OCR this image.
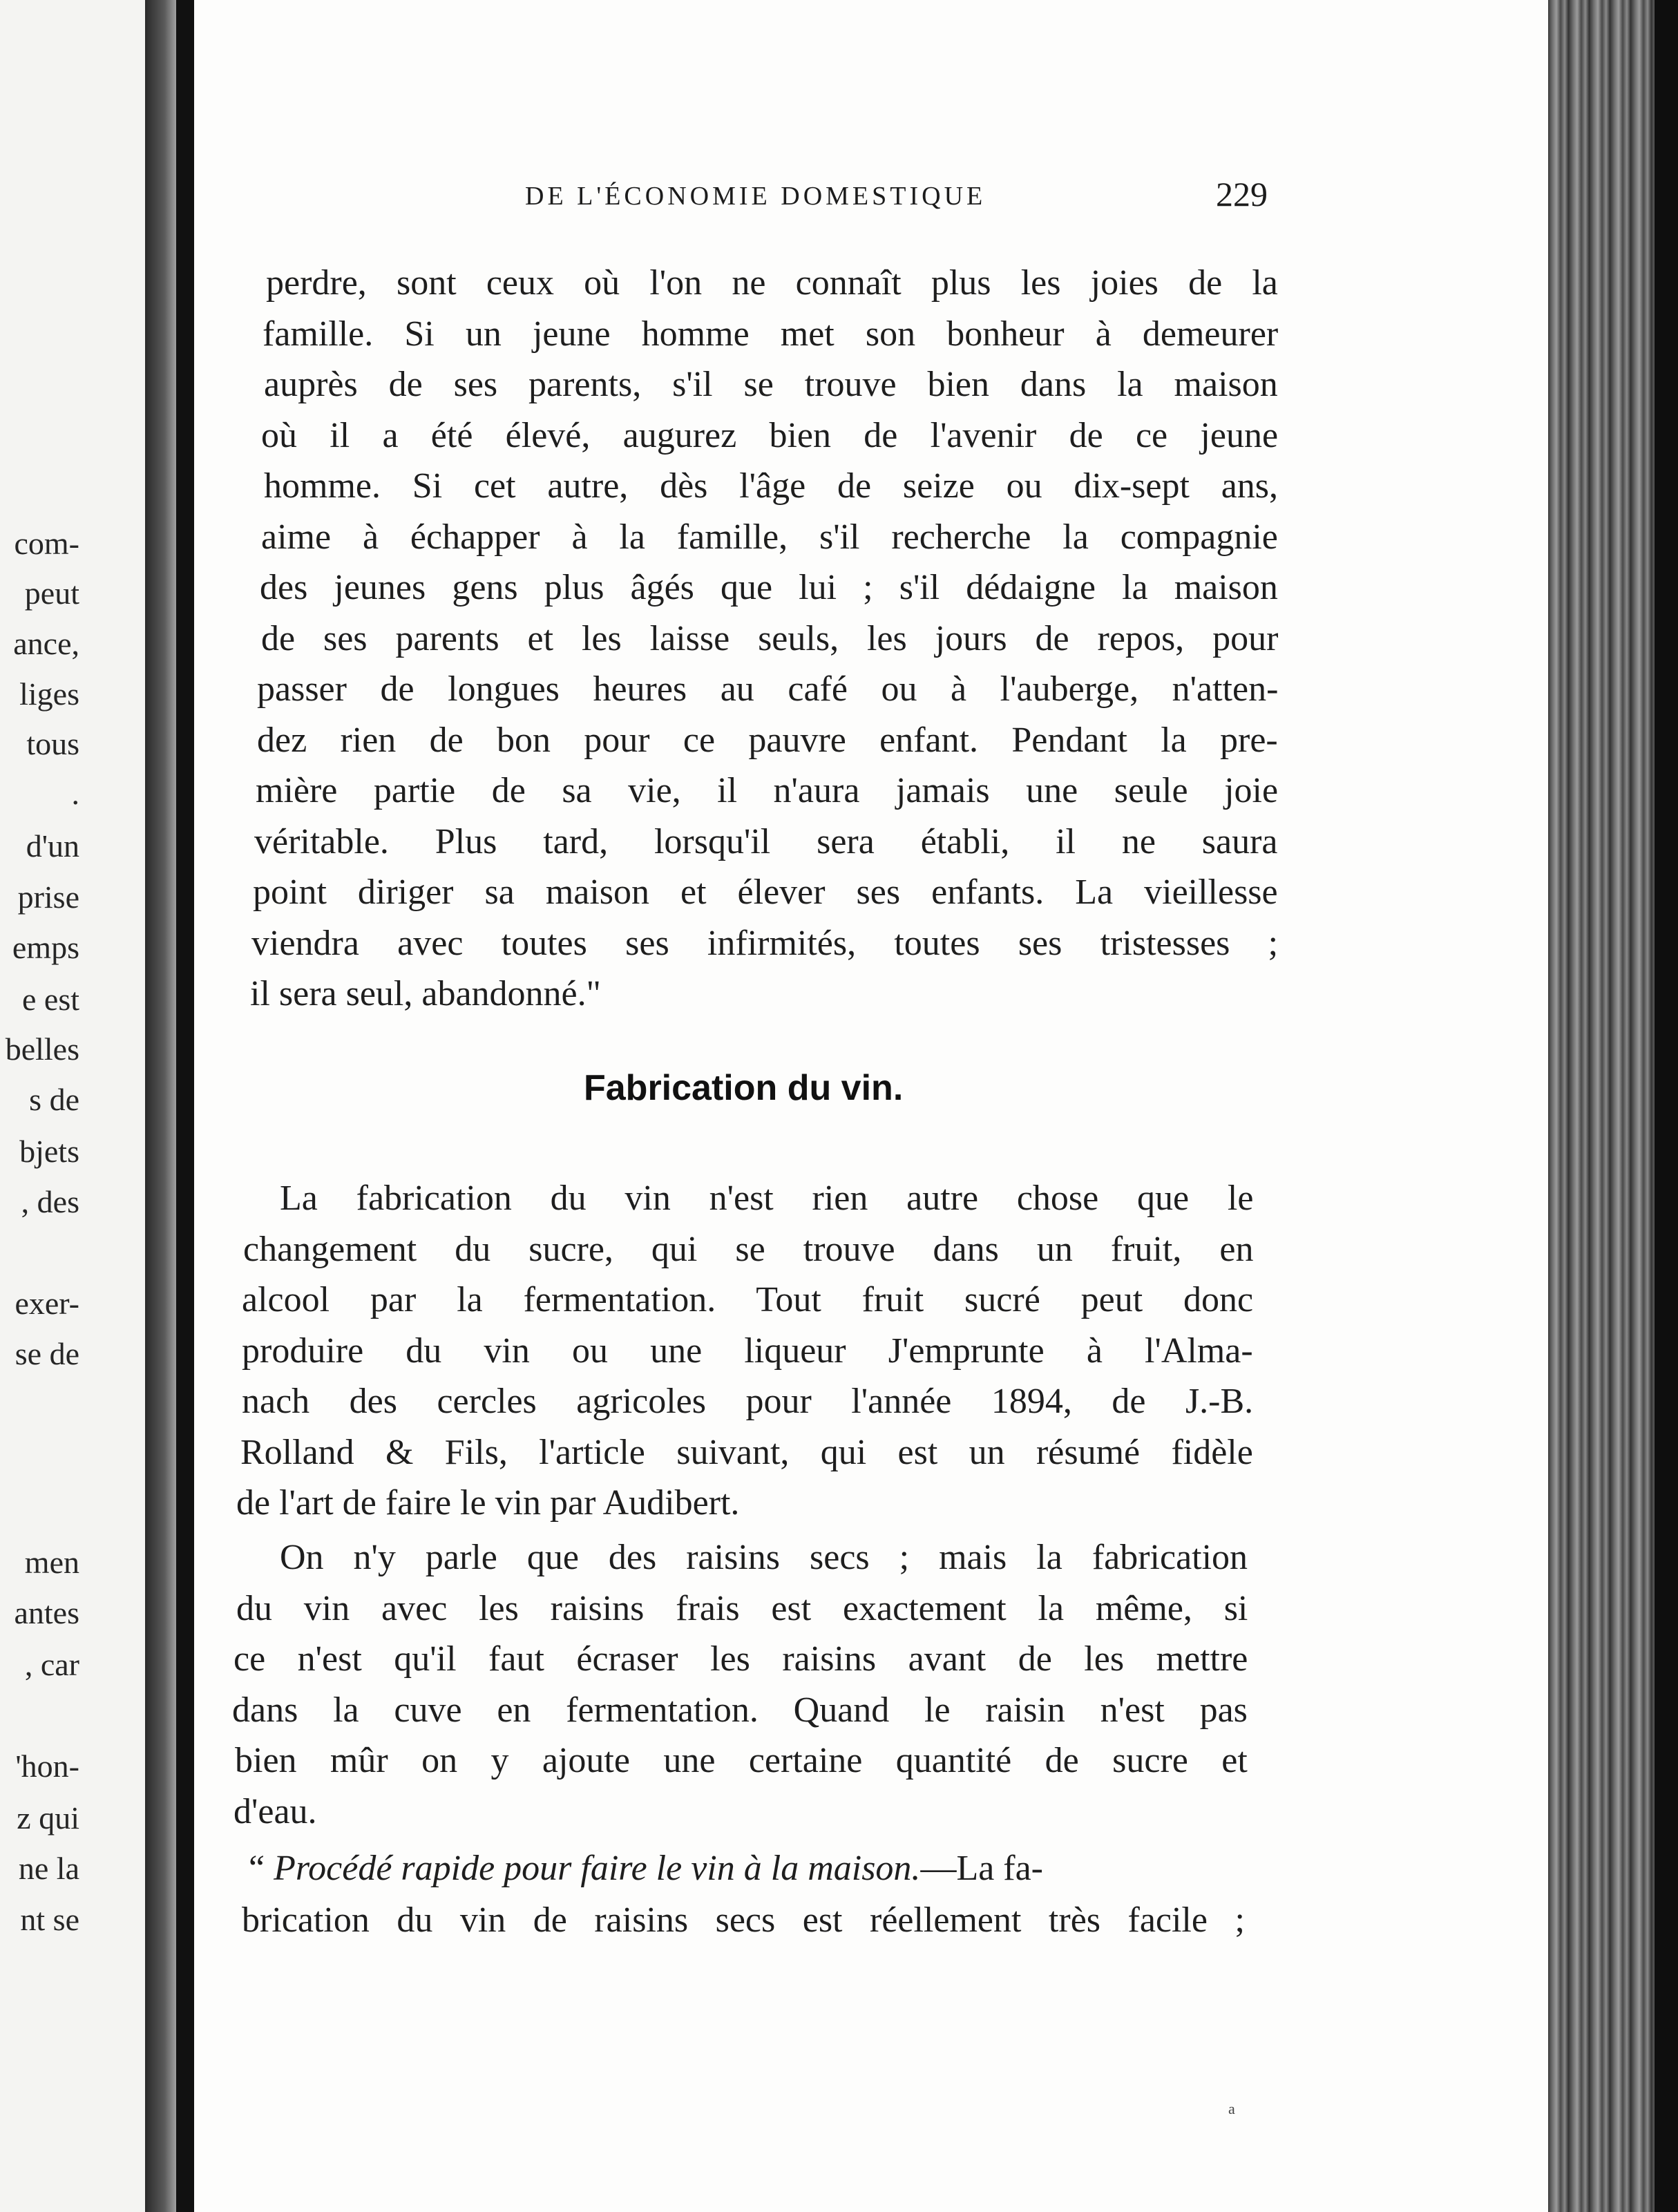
com-
peut
ance,
liges
tous
.
d'un
prise
emps
e est
belles
s de
bjets
, des
exer-
se de
men
antes
, car
'hon-
z qui
ne la
nt se
DE L'ÉCONOMIE DOMESTIQUE	229
perdre, sont ceux où l'on ne connaît plus les joies de la
famille. Si un jeune homme met son bonheur à demeurer
auprès de ses parents, s'il se trouve bien dans la maison
où il a été élevé, augurez bien de l'avenir de ce jeune
homme. Si cet autre, dès l'âge de seize ou dix-sept ans,
aime à échapper à la famille, s'il recherche la compagnie
des jeunes gens plus âgés que lui ; s'il dédaigne la maison
de ses parents et les laisse seuls, les jours de repos, pour
passer de longues heures au café ou à l'auberge, n'atten-
dez rien de bon pour ce pauvre enfant. Pendant la pre-
mière partie de sa vie, il n'aura jamais une seule joie
véritable. Plus tard, lorsqu'il sera établi, il ne saura
point diriger sa maison et élever ses enfants. La vieillesse
viendra avec toutes ses infirmités, toutes ses tristesses ;
il sera seul, abandonné."
Fabrication du vin.
La fabrication du vin n'est rien autre chose que le
changement du sucre, qui se trouve dans un fruit, en
alcool par la fermentation. Tout fruit sucré peut donc
produire du vin ou une liqueur J'emprunte à l'Alma-
nach des cercles agricoles pour l'année 1894, de J.-B.
Rolland & Fils, l'article suivant, qui est un résumé fidèle
de l'art de faire le vin par Audibert.
On n'y parle que des raisins secs ; mais la fabrication
du vin avec les raisins frais est exactement la même, si
ce n'est qu'il faut écraser les raisins avant de les mettre
dans la cuve en fermentation. Quand le raisin n'est pas
bien mûr on y ajoute une certaine quantité de sucre et
d'eau.
“ Procédé rapide pour faire le vin à la maison.—La fa-
brication du vin de raisins secs est réellement très facile ;
a
